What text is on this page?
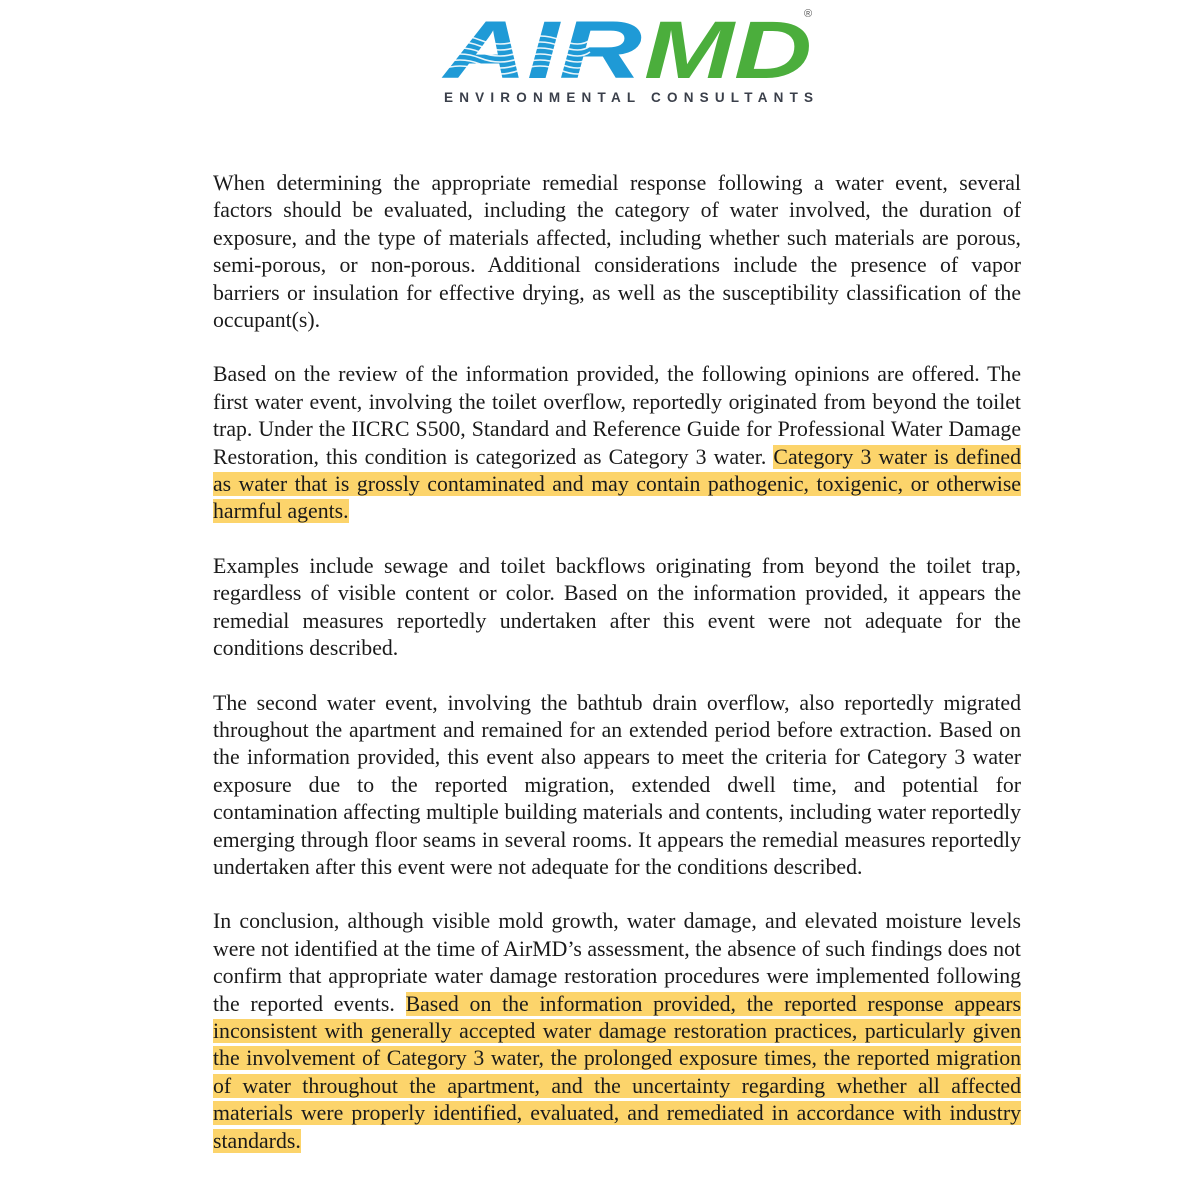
AIR MD
ENVIRONMENTAL CONSULTANTS
®

When determining the appropriate remedial response following a water event, several factors should be evaluated, including the category of water involved, the duration of exposure, and the type of materials affected, including whether such materials are porous, semi-porous, or non-porous. Additional considerations include the presence of vapor barriers or insulation for effective drying, as well as the susceptibility classification of the occupant(s).

Based on the review of the information provided, the following opinions are offered. The first water event, involving the toilet overflow, reportedly originated from beyond the toilet trap. Under the IICRC S500, Standard and Reference Guide for Professional Water Damage Restoration, this condition is categorized as Category 3 water. Category 3 water is defined as water that is grossly contaminated and may contain pathogenic, toxigenic, or otherwise harmful agents.

Examples include sewage and toilet backflows originating from beyond the toilet trap, regardless of visible content or color. Based on the information provided, it appears the remedial measures reportedly undertaken after this event were not adequate for the conditions described.

The second water event, involving the bathtub drain overflow, also reportedly migrated throughout the apartment and remained for an extended period before extraction. Based on the information provided, this event also appears to meet the criteria for Category 3 water exposure due to the reported migration, extended dwell time, and potential for contamination affecting multiple building materials and contents, including water reportedly emerging through floor seams in several rooms. It appears the remedial measures reportedly undertaken after this event were not adequate for the conditions described.

In conclusion, although visible mold growth, water damage, and elevated moisture levels were not identified at the time of AirMD’s assessment, the absence of such findings does not confirm that appropriate water damage restoration procedures were implemented following the reported events. Based on the information provided, the reported response appears inconsistent with generally accepted water damage restoration practices, particularly given the involvement of Category 3 water, the prolonged exposure times, the reported migration of water throughout the apartment, and the uncertainty regarding whether all affected materials were properly identified, evaluated, and remediated in accordance with industry standards.
